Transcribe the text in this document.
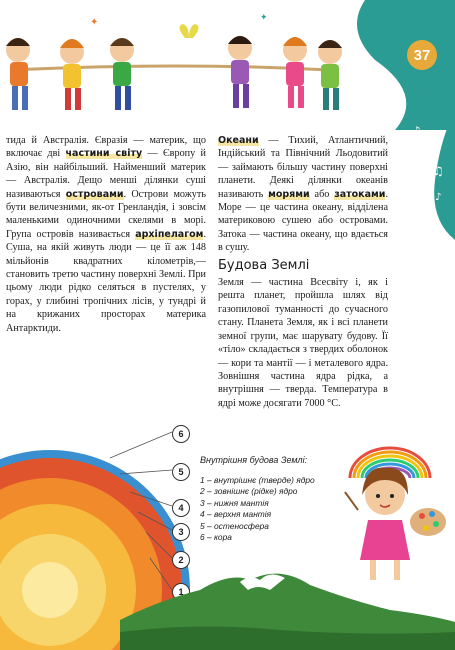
♪
♫
♪
37
✦	✦

тида й Австралія. Євразія — материк, що включає дві частини світу — Європу й Азію, він найбільший. Найменший материк — Австралія. Дещо менші ділянки суші називаються островами. Острови можуть бути величезними, як-от Гренландія, і зовсім маленькими одиночними скелями в морі. Група островів називається архіпелагом. Суша, на якій живуть люди — це її аж 148 мільйонів квадратних кілометрів,— становить третю частину поверхні Землі. При цьому люди рідко селяться в пустелях, у горах, у глибині тропічних лісів, у тундрі й на крижаних просторах материка Антарктиди.

Океани — Тихий, Атлантичний, Індійський та Північний Льодовитий — займають більшу частину поверхні планети. Деякі ділянки океанів називають морями або затоками. Море — це частина океану, відділена материковою сушею або островами. Затока — частина океану, що вдається в сушу.

Будова Землі

Земля — частина Всесвіту і, як і решта планет, пройшла шлях від газопилової туманності до сучасного стану. Планета Земля, як і всі планети земної групи, має шарувату будову. Її «тіло» складається з твердих оболонок — кори та мантії — і металевого ядра. Зовнішня частина ядра рідка, а внутрішня — тверда. Температура в ядрі може досягати 7000 °С.

6
5
4
3
2
1
Внутрішня будова Землі:
1 – внутрішнє (тверде) ядро
2 – зовнішнє (рідке) ядро
3 – нижня мантія
4 – верхня мантія
5 – остеносфера
6 – кора
